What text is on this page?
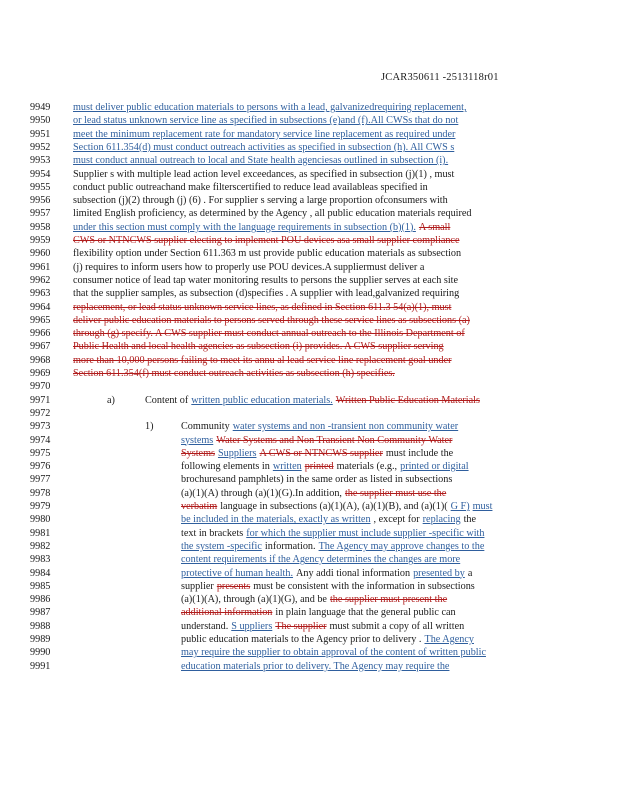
JCAR350611 -2513118r01
9949	must deliver public education materials to persons with a lead, galvanizedrequiring replacement,
9950	or lead status unknown service line as specified in subsections (e)and (f).All CWSs that do not
9951	meet the minimum replacement rate for mandatory service line replacement as required under
9952	Section 611.354(d) must conduct outreach activities as specified in subsection (h). All CWS s
9953	must conduct annual outreach to local and State health agenciesas outlined in subsection (i).
9954	Supplier s with multiple lead action level exceedances, as specified in subsection (j)(1) , must
9955	conduct public outreachand make filterscertified to reduce lead availableas specified in
9956	subsection (j)(2) through (j) (6) . For supplier s serving a large proportion ofconsumers with
9957	limited English proficiency, as determined by the Agency , all public education materials required
9958	under this section must comply with the language requirements in subsection (b)(1). A small
9959	CWS or NTNCWS supplier electing to implement POU devices asa small supplier compliance
9960	flexibility option under Section 611.363 m ust provide public education materials as subsection
9961	(j) requires to inform users how to properly use POU devices.A suppliermust deliver a
9962	consumer notice of lead tap water monitoring results to persons the supplier serves at each site
9963	that the supplier samples, as subsection (d)specifies . A supplier with lead,galvanized requiring
9964	replacement, or lead status unknown service lines, as defined in Section 611.3 54(a)(1), must
9965	deliver public education materials to persons served through these service lines as subsections (a)
9966	through (g) specify. A CWS supplier must conduct annual outreach to the Illinois Department of
9967	Public Health and local health agencies as subsection (i) provides. A CWS supplier serving
9968	more than 10,000 persons failing to meet its annu al lead service line replacement goal under
9969	Section 611.354(f) must conduct outreach activities as subsection (h) specifies.
9970
9971	a)	Content of written public education materials. Written Public Education Materials
9972
9973	1)	Community water systems and non -transient non community water
9974	systems Water Systems and Non Transient Non Community Water
9975	Systems Suppliers A CWS or NTNCWS supplier must include the
9976	following elements in written printed materials (e.g., printed or digital
9977	brochuresand pamphlets) in the same order as listed in subsections
9978	(a)(1)(A) through (a)(1)(G).In addition, the supplier must use the
9979	verbatim language in subsections (a)(1)(A), (a)(1)(B), and (a)(1)( G F) must
9980	be included in the materials, exactly as written , except for replacing the
9981	text in brackets for which the supplier must include supplier -specific with
9982	the system -specific information. The Agency may approve changes to the
9983	content requirements if the Agency determines the changes are more
9984	protective of human health. Any addi tional information presented by a
9985	supplier presents must be consistent with the information in subsections
9986	(a)(1)(A), through (a)(1)(G), and be the supplier must present the
9987	additional information in plain language that the general public can
9988	understand. S uppliers The supplier must submit a copy of all written
9989	public education materials to the Agency prior to delivery . The Agency
9990	may require the supplier to obtain approval of the content of written public
9991	education materials prior to delivery. The Agency may require the
